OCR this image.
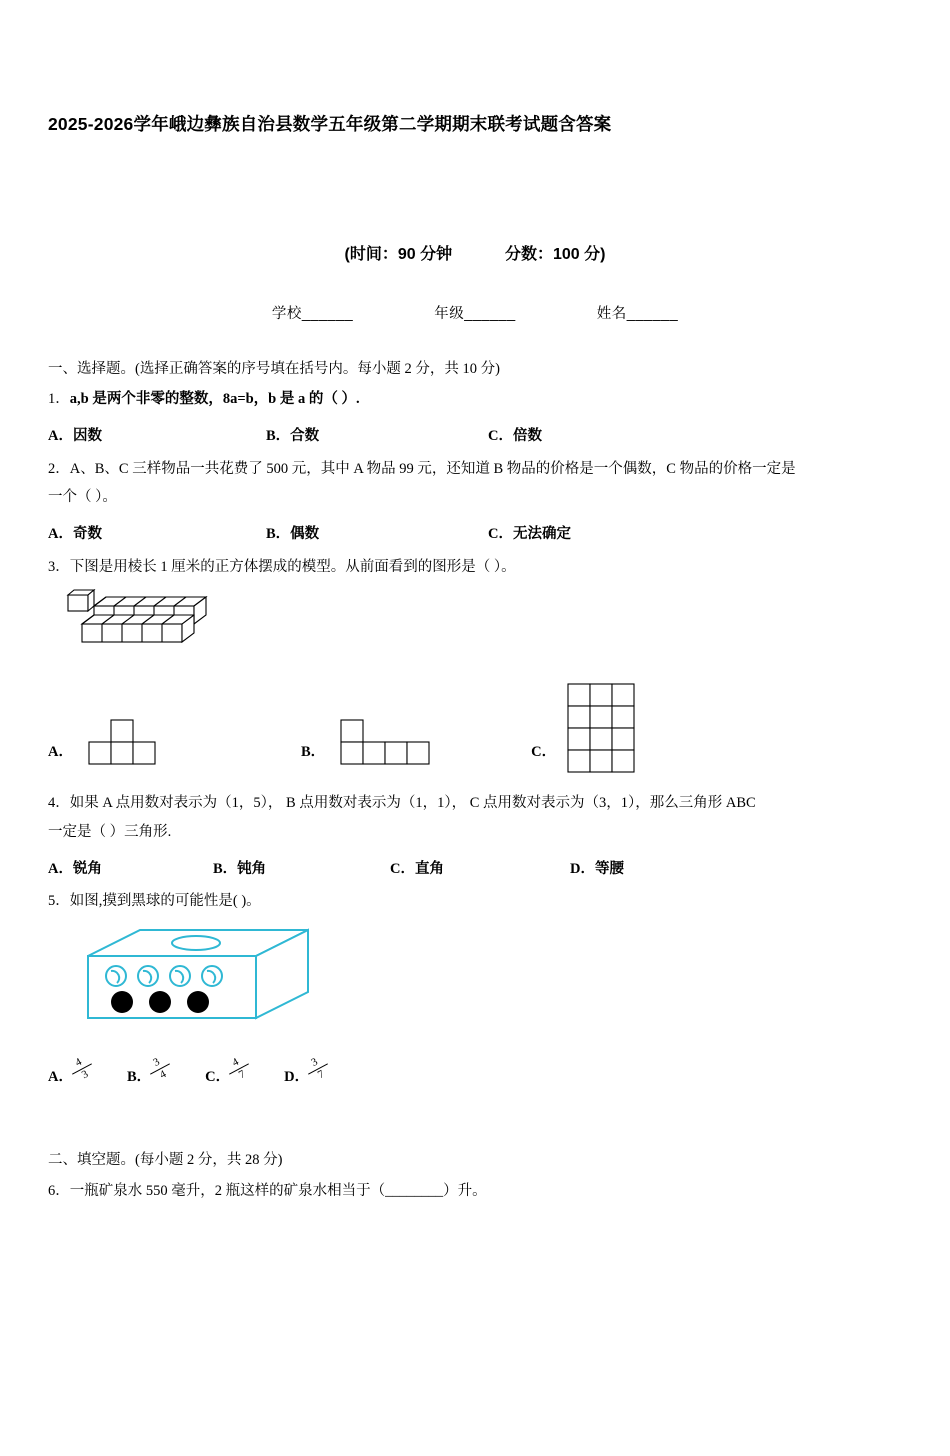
2025-2026学年峨边彝族自治县数学五年级第二学期期末联考试题含答案
(时间：90 分钟	分数：100 分)
学校______	年级______	姓名______
一、选择题。(选择正确答案的序号填在括号内。每小题 2 分，共 10 分)
1．a,b 是两个非零的整数，8a=b，b 是 a 的（ ）.
A．因数	B．合数	C．倍数
2．A、B、C 三样物品一共花费了 500 元，其中 A 物品 99 元，还知道 B 物品的价格是一个偶数，C 物品的价格一定是
一个（ ）。
A．奇数	B．偶数	C．无法确定
3．下图是用棱长 1 厘米的正方体摆成的模型。从前面看到的图形是（ ）。
A．	B．	C．
4．如果 A 点用数对表示为（1，5）， B 点用数对表示为（1，1）， C 点用数对表示为（3，1），那么三角形 ABC
一定是（ ）三角形.
A．锐角	B．钝角	C．直角	D．等腰
5．如图,摸到黑球的可能性是( )。
A．
4
3	B．
3
4	C．
4
7	D．
3
7
二、填空题。(每小题 2 分，共 28 分)
6．一瓶矿泉水 550 毫升，2 瓶这样的矿泉水相当于（________）升。
